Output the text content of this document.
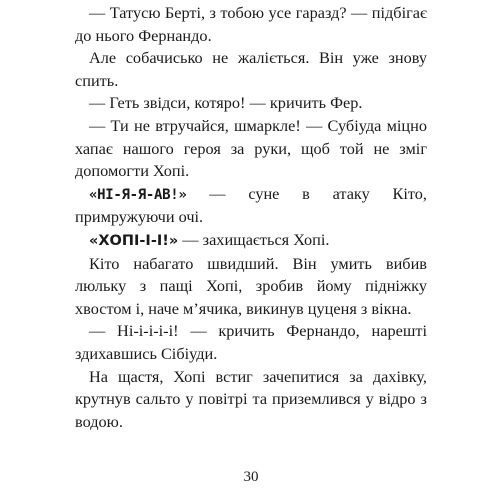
— Татусю Берті, з тобою усе гаразд? — підбігає до нього Фернандо.

Але собачисько не жаліється. Він уже знову спить.

— Геть звідси, котяро! — кричить Фер.

— Ти не втручайся, шмаркле! — Субіуда міцно хапає нашого героя за руки, щоб той не зміг допомогти Хопі.

«НІ-Я-Я-АВ!» — суне в атаку Кіто, примружуючи очі.

«ХОПІ-І-І!» — захищається Хопі.

Кіто набагато швидший. Він умить вибив люльку з пащі Хопі, зробив йому підніжку хвостом і, наче м’ячика, викинув цуценя з вікна.

— Ні-і-і-і-і! — кричить Фернандо, нарешті здихавшись Сібіуди.

На щастя, Хопі встиг зачепитися за дахівку, крутнув сальто у повітрі та приземлився у відро з водою.

30
